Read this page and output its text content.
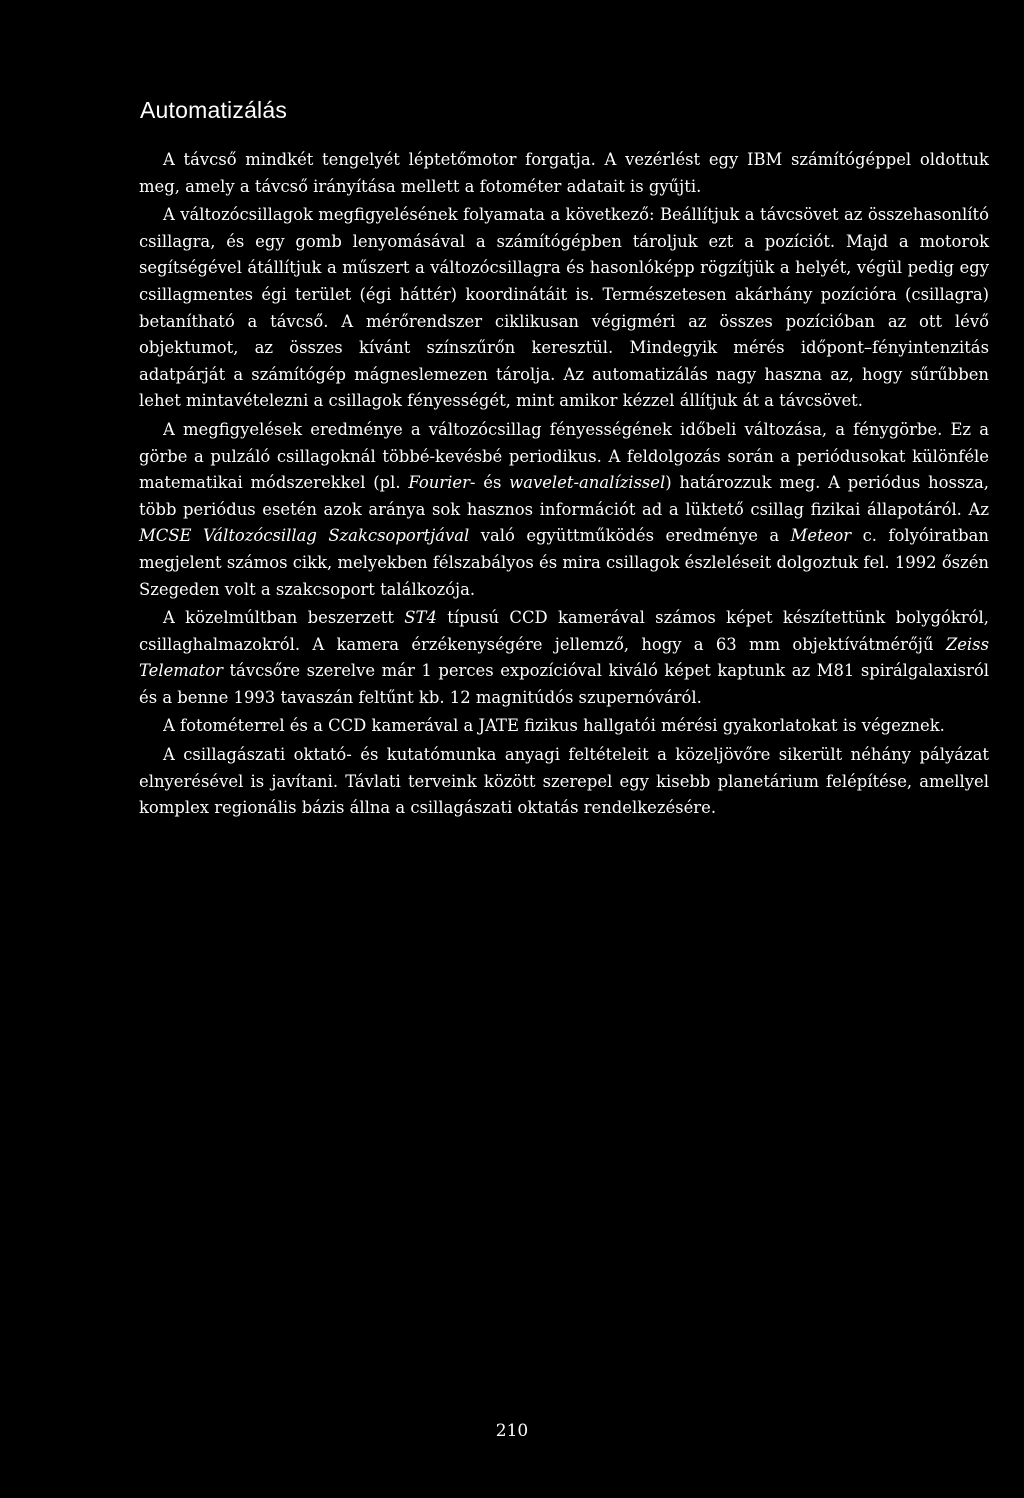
Automatizálás

A távcső mindkét tengelyét léptetőmotor forgatja. A vezérlést egy IBM számítógéppel oldottuk meg, amely a távcső irányítása mellett a fotométer adatait is gyűjti.

A változócsillagok megfigyelésének folyamata a következő: Beállítjuk a távcsövet az összehasonlító csillagra, és egy gomb lenyomásával a számítógépben tároljuk ezt a pozíciót. Majd a motorok segítségével átállítjuk a műszert a változócsillagra és hasonlóképp rögzítjük a helyét, végül pedig egy csillagmentes égi terület (égi háttér) koordinátáit is. Természetesen akárhány pozícióra (csillagra) betanítható a távcső. A mérőrendszer ciklikusan végigméri az összes pozícióban az ott lévő objektumot, az összes kívánt színszűrőn keresztül. Mindegyik mérés időpont–fényintenzitás adatpárját a számítógép mágneslemezen tárolja. Az automatizálás nagy haszna az, hogy sűrűbben lehet mintavételezni a csillagok fényességét, mint amikor kézzel állítjuk át a távcsövet.

A megfigyelések eredménye a változócsillag fényességének időbeli változása, a fénygörbe. Ez a görbe a pulzáló csillagoknál többé-kevésbé periodikus. A feldolgozás során a periódusokat különféle matematikai módszerekkel (pl. Fourier- és wavelet-analízissel) határozzuk meg. A periódus hossza, több periódus esetén azok aránya sok hasznos információt ad a lüktető csillag fizikai állapotáról. Az MCSE Változócsillag Szakcsoportjával való együttműködés eredménye a Meteor c. folyóiratban megjelent számos cikk, melyekben félszabályos és mira csillagok észleléseit dolgoztuk fel. 1992 őszén Szegeden volt a szakcsoport találkozója.

A közelmúltban beszerzett ST4 típusú CCD kamerával számos képet készítettünk bolygókról, csillaghalmazokról. A kamera érzékenységére jellemző, hogy a 63 mm objektívátmérőjű Zeiss Telemator távcsőre szerelve már 1 perces expozícióval kiváló képet kaptunk az M81 spirálgalaxisról és a benne 1993 tavaszán feltűnt kb. 12 magnitúdós szupernóváról.

A fotométerrel és a CCD kamerával a JATE fizikus hallgatói mérési gyakorlatokat is végeznek.

A csillagászati oktató- és kutatómunka anyagi feltételeit a közeljövőre sikerült néhány pályázat elnyerésével is javítani. Távlati terveink között szerepel egy kisebb planetárium felépítése, amellyel komplex regionális bázis állna a csillagászati oktatás rendelkezésére.

210
